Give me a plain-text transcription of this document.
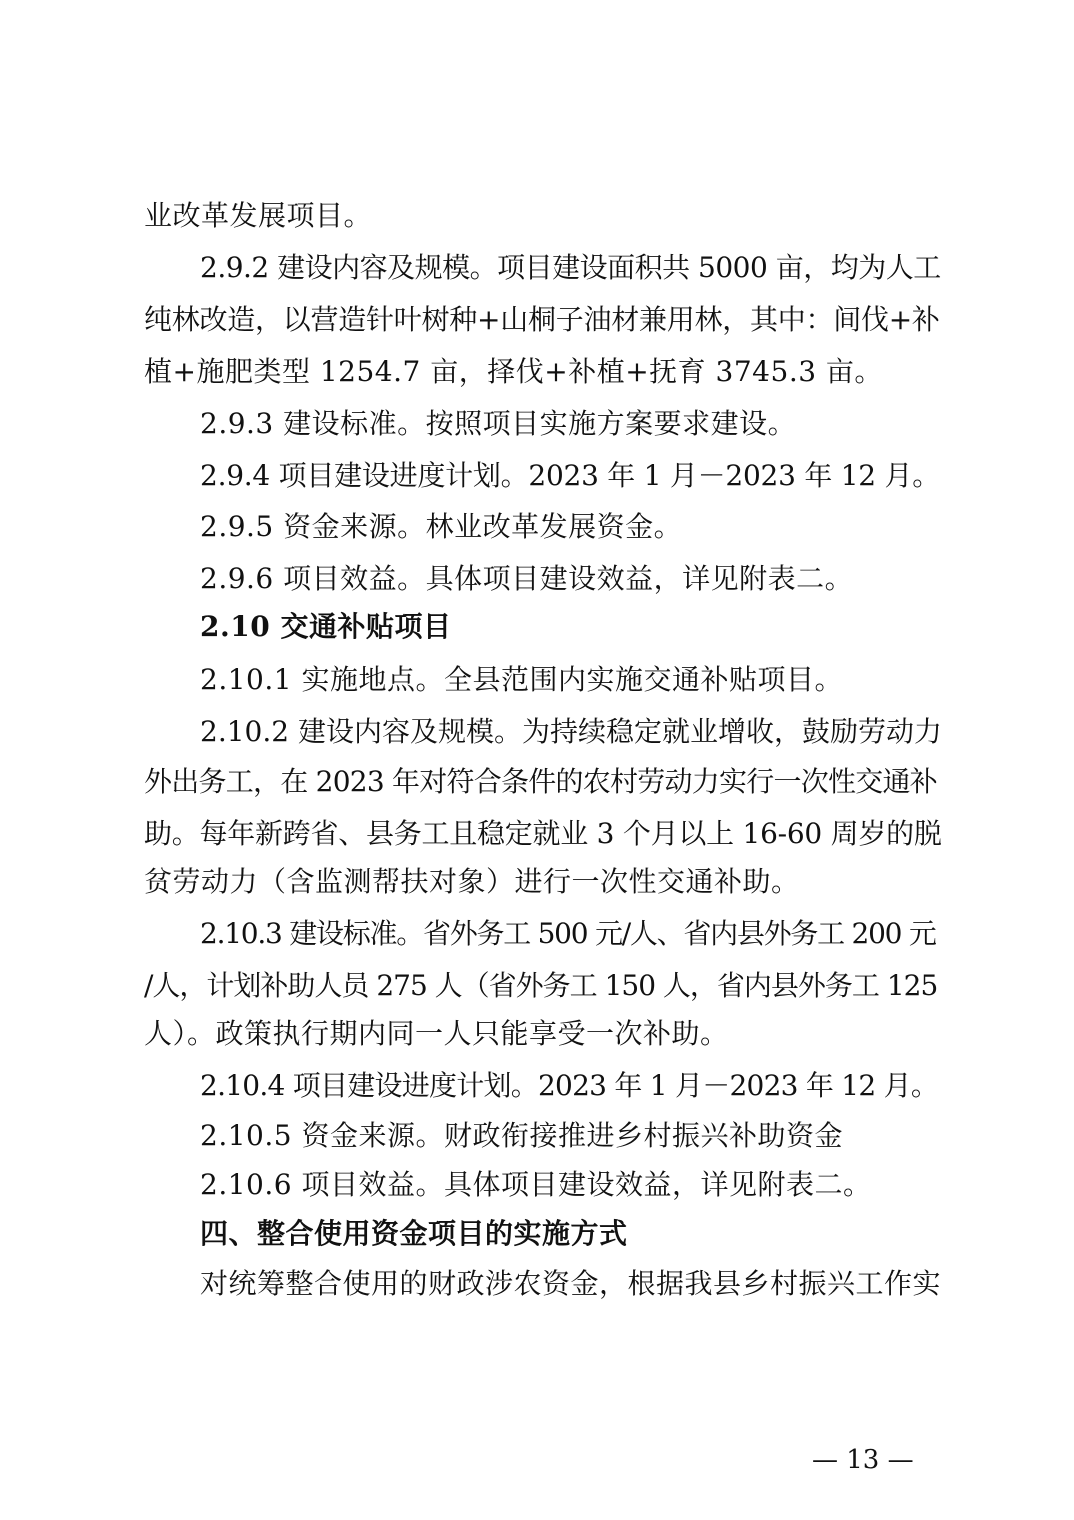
业改革发展项目。
2.9.2 建设内容及规模。项目建设面积共 5000 亩，均为人工
纯林改造，以营造针叶树种+山桐子油材兼用林，其中：间伐+补
植+施肥类型 1254.7 亩，择伐+补植+抚育 3745.3 亩。
2.9.3 建设标准。按照项目实施方案要求建设。
2.9.4 项目建设进度计划。2023 年 1 月－2023 年 12 月。
2.9.5 资金来源。林业改革发展资金。
2.9.6 项目效益。具体项目建设效益，详见附表二。
2.10 交通补贴项目
2.10.1 实施地点。全县范围内实施交通补贴项目。
2.10.2 建设内容及规模。为持续稳定就业增收，鼓励劳动力
外出务工，在 2023 年对符合条件的农村劳动力实行一次性交通补
助。每年新跨省、县务工且稳定就业 3 个月以上 16-60 周岁的脱
贫劳动力（含监测帮扶对象）进行一次性交通补助。
2.10.3 建设标准。省外务工 500 元/人、省内县外务工 200 元
/人，计划补助人员 275 人（省外务工 150 人，省内县外务工 125
人）。政策执行期内同一人只能享受一次补助。
2.10.4 项目建设进度计划。2023 年 1 月－2023 年 12 月。
2.10.5 资金来源。财政衔接推进乡村振兴补助资金
2.10.6 项目效益。具体项目建设效益，详见附表二。
四、整合使用资金项目的实施方式
对统筹整合使用的财政涉农资金，根据我县乡村振兴工作实
— 13 —
